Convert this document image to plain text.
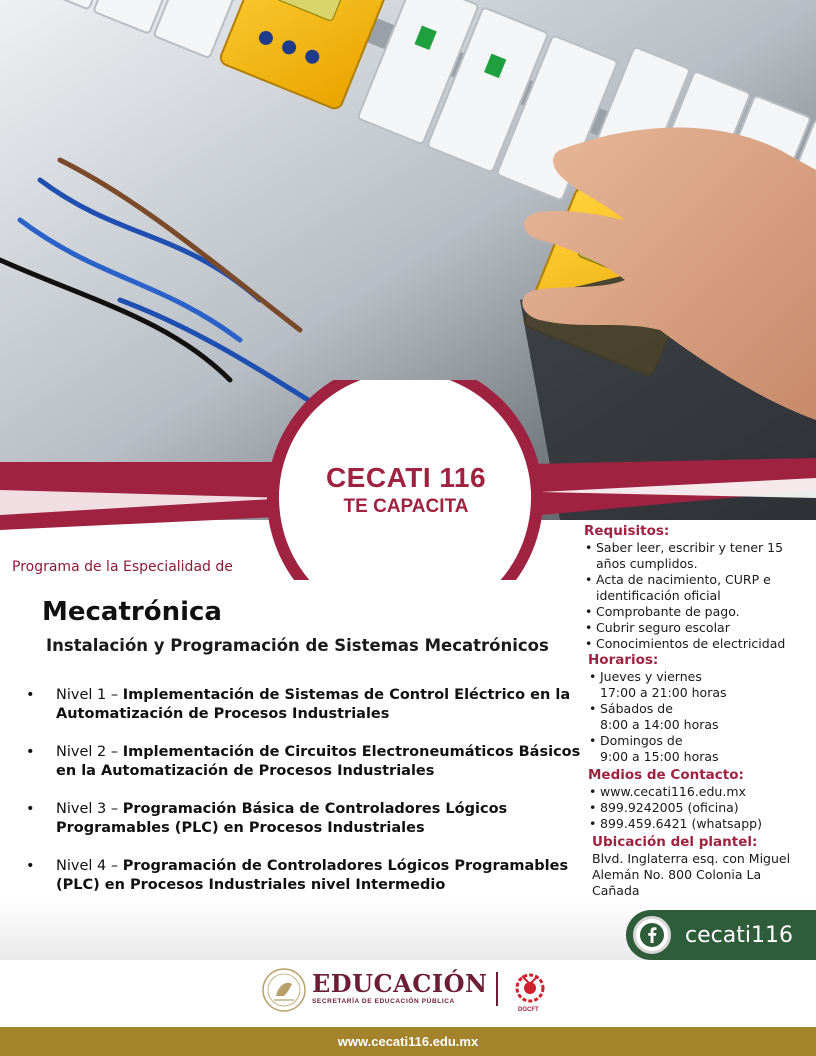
CECATI 116
TE CAPACITA
Programa de la Especialidad de
Mecatrónica
Instalación y Programación de Sistemas Mecatrónicos
• Nivel 1 – Implementación de Sistemas de Control Eléctrico en la Automatización de Procesos Industriales
• Nivel 2 – Implementación de Circuitos Electroneumáticos Básicos en la Automatización de Procesos Industriales
• Nivel 3 – Programación Básica de Controladores Lógicos Programables (PLC) en Procesos Industriales
• Nivel 4 – Programación de Controladores Lógicos Programables (PLC) en Procesos Industriales nivel Intermedio
Requisitos:
• Saber leer, escribir y tener 15 años cumplidos.
• Acta de nacimiento, CURP e identificación oficial
• Comprobante de pago.
• Cubrir seguro escolar
• Conocimientos de electricidad
Horarios:
• Jueves y viernes
17:00 a 21:00 horas
• Sábados de
8:00 a 14:00 horas
• Domingos de
9:00 a 15:00 horas
Medios de Contacto:
• www.cecati116.edu.mx
• 899.9242005 (oficina)
• 899.459.6421 (whatsapp)
Ubicación del plantel:
Blvd. Inglaterra esq. con Miguel
Alemán No. 800 Colonia La
Cañada
cecati116
EDUCACIÓN
SECRETARÍA DE EDUCACIÓN PÚBLICA
DGCFT
www.cecati116.edu.mx
